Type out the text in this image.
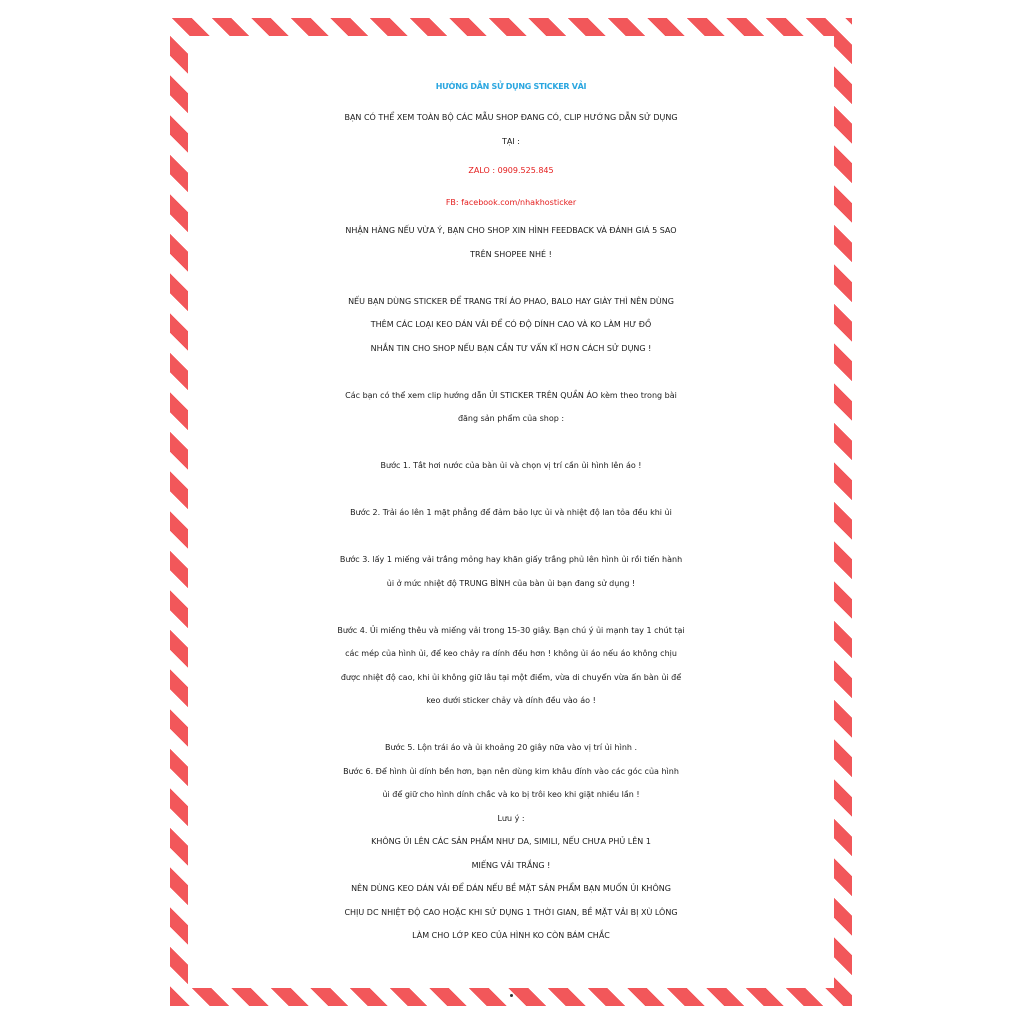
HƯỚNG DẪN SỬ DỤNG STICKER VẢI

BẠN CÓ THỂ XEM TOÀN BỘ CÁC MẪU SHOP ĐANG CÓ, CLIP HƯỚNG DẪN SỬ DỤNG

TẠI :

ZALO : 0909.525.845
FB: facebook.com/nhakhosticker

NHẬN HÀNG NẾU VỪA Ý, BẠN CHO SHOP XIN HÌNH FEEDBACK VÀ ĐÁNH GIÁ 5 SAO

TRÊN SHOPEE NHÉ !

NẾU BẠN DÙNG STICKER ĐỂ TRANG TRÍ ÁO PHAO, BALO HAY GIÀY THÌ NÊN DÙNG

THÊM CÁC LOẠI KEO DÁN VẢI ĐỂ CÓ ĐỘ DÍNH CAO VÀ KO LÀM HƯ ĐỒ

NHẮN TIN CHO SHOP NẾU BẠN CẦN TƯ VẤN KĨ HƠN CÁCH SỬ DỤNG !

Các bạn có thể xem clip hướng dẫn ỦI STICKER TRÊN QUẦN ÁO kèm theo trong bài

đăng sản phẩm của shop :

Bước 1. Tắt hơi nước của bàn ủi và chọn vị trí cần ủi hình lên áo !

Bước 2. Trải áo lên 1 mặt phẳng để đảm bảo lực ủi và nhiệt độ lan tỏa đều khi ủi

Bước 3. lấy 1 miếng vải trắng mỏng hay khăn giấy trắng phủ lên hình ủi rồi tiến hành

ủi ở mức nhiệt độ TRUNG BÌNH của bàn ủi bạn đang sử dụng !

Bước 4. Ủi miếng thêu và miếng vải trong 15-30 giây. Bạn chú ý ủi mạnh tay 1 chút tại

các mép của hình ủi, để keo chảy ra dính đều hơn ! không ủi áo nếu áo không chịu

được nhiệt độ cao, khi ủi không giữ lâu tại một điểm, vừa di chuyển vừa ấn bàn ủi để

keo dưới sticker chảy và dính đều vào áo !

Bước 5. Lộn trái áo và ủi khoảng 20 giây nữa vào vị trí ủi hình .

Bước 6. Để hình ủi dính bền hơn, bạn nên dùng kim khâu đính vào các góc của hình

ủi để giữ cho hình dính chắc và ko bị trôi keo khi giặt nhiều lần !

Lưu ý :

KHÔNG ỦI LÊN CÁC SẢN PHẨM NHƯ DA, SIMILI, NẾU CHƯA PHỦ LÊN 1

MIẾNG VẢI TRẮNG !

NÊN DÙNG KEO DÁN VẢI ĐỂ DÁN NẾU BỀ MẶT SẢN PHẨM BẠN MUỐN ỦI KHÔNG

CHỊU DC NHIỆT ĐỘ CAO HOẶC KHI SỬ DỤNG 1 THỜI GIAN, BỀ MẶT VẢI BỊ XÙ LÔNG

LÀM CHO LỚP KEO CỦA HÌNH KO CÒN BÁM CHẮC
